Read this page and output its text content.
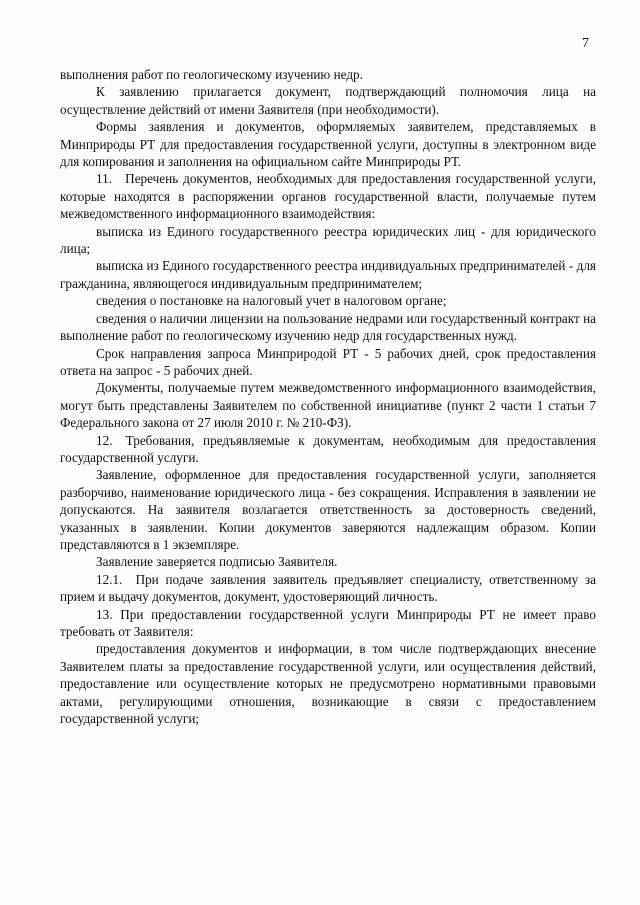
7

выполнения работ по геологическому изучению недр.

К заявлению прилагается документ, подтверждающий полномочия лица на осуществление действий от имени Заявителя (при необходимости).

Формы заявления и документов, оформляемых заявителем, представляемых в Минприроды РТ для предоставления государственной услуги, доступны в электронном виде для копирования и заполнения на официальном сайте Минприроды РТ.

11. Перечень документов, необходимых для предоставления государственной услуги, которые находятся в распоряжении органов государственной власти, получаемые путем межведомственного информационного взаимодействия:

выписка из Единого государственного реестра юридических лиц - для юридического лица;

выписка из Единого государственного реестра индивидуальных предпринимателей - для гражданина, являющегося индивидуальным предпринимателем;

сведения о постановке на налоговый учет в налоговом органе;

сведения о наличии лицензии на пользование недрами или государственный контракт на выполнение работ по геологическому изучению недр для государственных нужд.

Срок направления запроса Минприродой РТ - 5 рабочих дней, срок предоставления ответа на запрос - 5 рабочих дней.

Документы, получаемые путем межведомственного информационного взаимодействия, могут быть представлены Заявителем по собственной инициативе (пункт 2 части 1 статьи 7 Федерального закона от 27 июля 2010 г. № 210-ФЗ).

12. Требования, предъявляемые к документам, необходимым для предоставления государственной услуги.

Заявление, оформленное для предоставления государственной услуги, заполняется разборчиво, наименование юридического лица - без сокращения. Исправления в заявлении не допускаются. На заявителя возлагается ответственность за достоверность сведений, указанных в заявлении. Копии документов заверяются надлежащим образом. Копии представляются в 1 экземпляре.

Заявление заверяется подписью Заявителя.

12.1. При подаче заявления заявитель предъявляет специалисту, ответственному за прием и выдачу документов, документ, удостоверяющий личность.

13. При предоставлении государственной услуги Минприроды РТ не имеет право требовать от Заявителя:

предоставления документов и информации, в том числе подтверждающих внесение Заявителем платы за предоставление государственной услуги, или осуществления действий, предоставление или осуществление которых не предусмотрено нормативными правовыми актами, регулирующими отношения, возникающие в связи с предоставлением государственной услуги;
